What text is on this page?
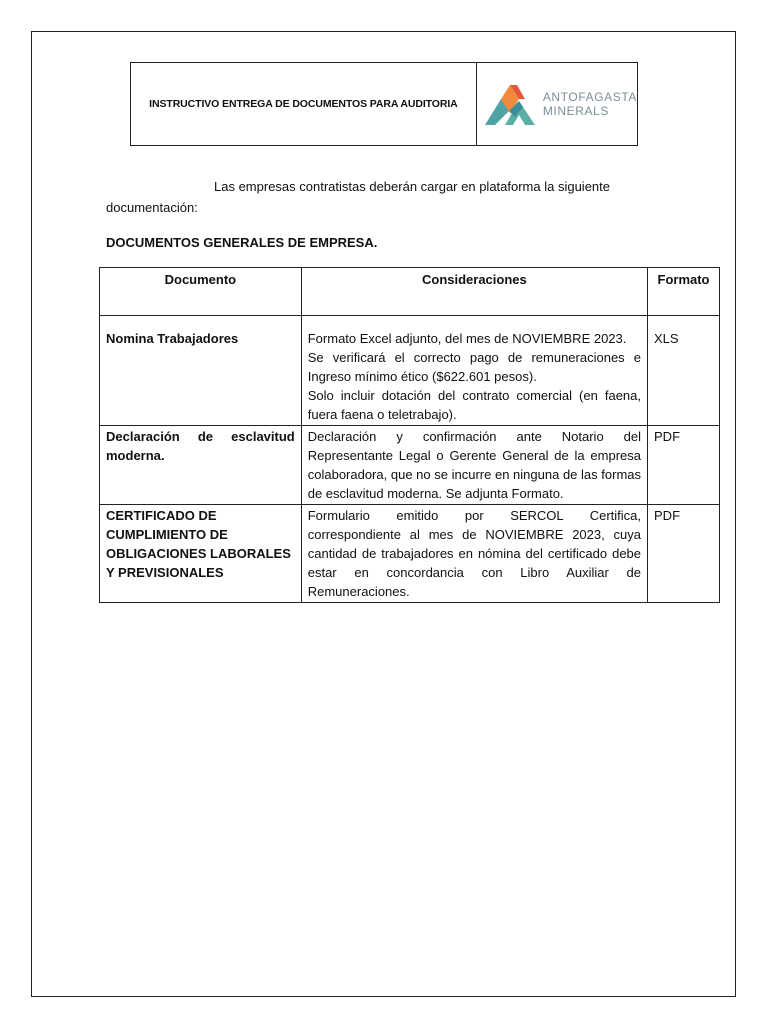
INSTRUCTIVO ENTREGA DE DOCUMENTOS PARA AUDITORIA	ANTOFAGASTA
MINERALS
Las empresas contratistas deberán cargar en plataforma la siguiente
documentación:
DOCUMENTOS GENERALES DE EMPRESA.
Documento	Consideraciones	Formato

Nomina Trabajadores	Formato Excel adjunto, del mes de NOVIEMBRE 2023.
Se verificará el correcto pago de remuneraciones e Ingreso mínimo ético ($622.601 pesos).
Solo incluir dotación del contrato comercial (en faena, fuera faena o teletrabajo).	XLS
Declaración de esclavitud moderna.	Declaración y confirmación ante Notario del Representante Legal o Gerente General de la empresa colaboradora, que no se incurre en ninguna de las formas de esclavitud moderna. Se adjunta Formato.	PDF
CERTIFICADO DE CUMPLIMIENTO DE OBLIGACIONES LABORALES Y PREVISIONALES	Formulario emitido por SERCOL Certifica, correspondiente al mes de NOVIEMBRE 2023, cuya cantidad de trabajadores en nómina del certificado debe estar en concordancia con Libro Auxiliar de Remuneraciones.	PDF
